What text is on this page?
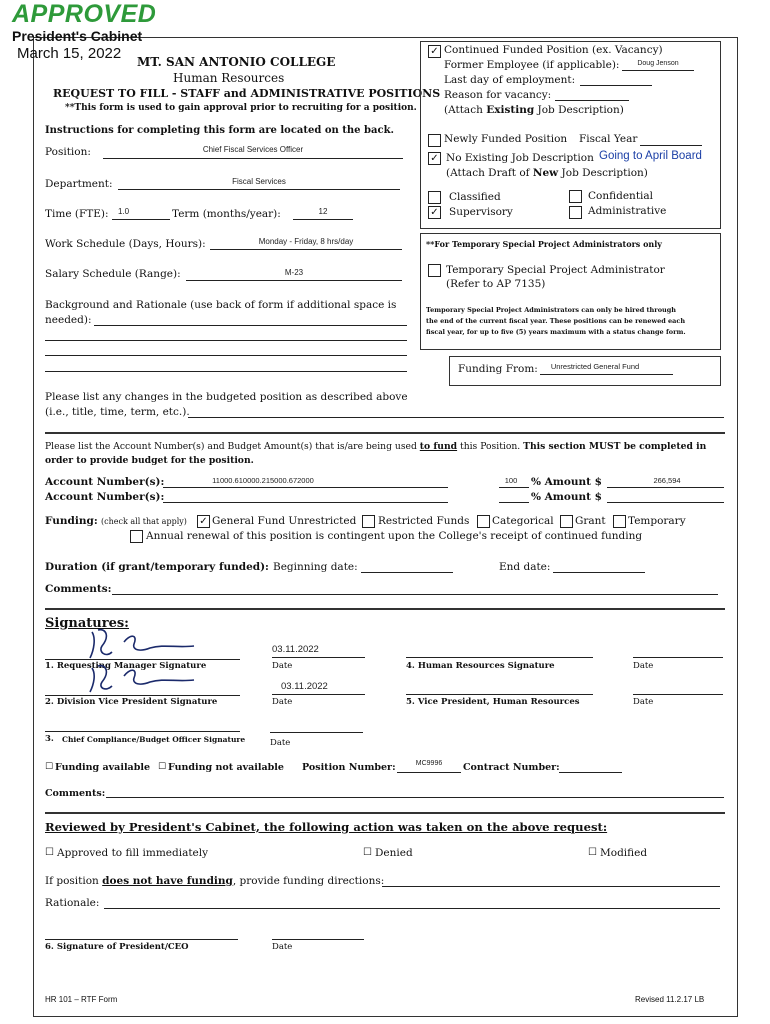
APPROVED
President's Cabinet
March 15, 2022 MT. SAN ANTONIO COLLEGE
Human Resources
REQUEST TO FILL - STAFF and ADMINISTRATIVE POSITIONS
**This form is used to gain approval prior to recruiting for a position.
Instructions for completing this form are located on the back.
Position:	Chief Fiscal Services Officer
Department:	Fiscal Services
Time (FTE): 1.0	Term (months/year):	12
Work Schedule (Days, Hours):	Monday - Friday, 8 hrs/day
Salary Schedule (Range):	M-23
Background and Rationale (use back of form if additional space is
needed):
✓ Continued Funded Position (ex. Vacancy)
Former Employee (if applicable):	Doug Jenson
Last day of employment:
Reason for vacancy:
(Attach Existing Job Description)
Newly Funded Position Fiscal Year
✓ No Existing Job Description Going to April Board
(Attach Draft of New Job Description)
Classified
✓ Supervisory
Confidential
Administrative
**For Temporary Special Project Administrators only
Temporary Special Project Administrator
(Refer to AP 7135)
Temporary Special Project Administrators can only be hired through
the end of the current fiscal year. These positions can be renewed each
fiscal year, for up to five (5) years maximum with a status change form.
Funding From:	Unrestricted General Fund
Please list any changes in the budgeted position as described above
(i.e., title, time, term, etc.).
Please list the Account Number(s) and Budget Amount(s) that is/are being used to fund this Position. This section MUST be completed in
order to provide budget for the position.
Account Number(s):	11000.610000.215000.672000	100	% Amount $	266,594
Account Number(s):	% Amount $
Funding: (check all that apply) ✓ General Fund Unrestricted Restricted Funds Categorical Grant Temporary
Annual renewal of this position is contingent upon the College's receipt of continued funding
Duration (if grant/temporary funded): Beginning date:	End date:
Comments:
Signatures:
1. Requesting Manager Signature
03.11.2022
Date	4. Human Resources Signature	Date
2. Division Vice President Signature
03.11.2022
Date	5. Vice President, Human Resources	Date
3. Chief Compliance/Budget Officer Signature	Date
☐ Funding available ☐ Funding not available Position Number:	MC9996	Contract Number:
Comments:
Reviewed by President's Cabinet, the following action was taken on the above request:
☐ Approved to fill immediately	☐ Denied	☐ Modified
If position does not have funding, provide funding directions:
Rationale:
6. Signature of President/CEO	Date
HR 101 – RTF Form	Revised 11.2.17 LB
